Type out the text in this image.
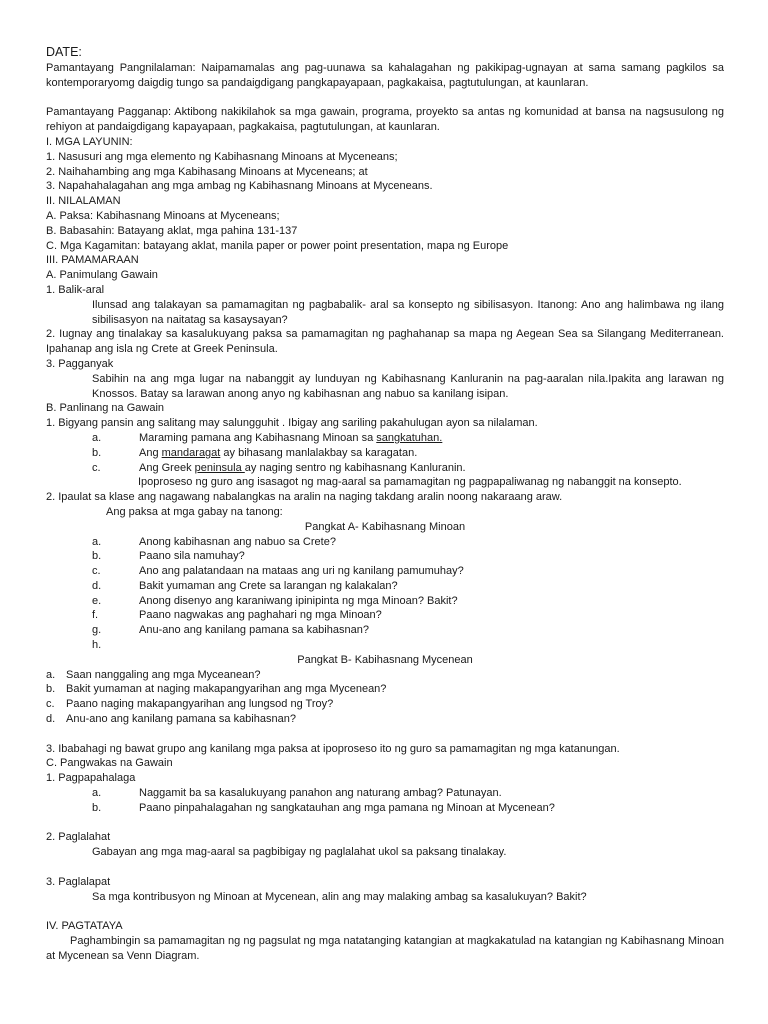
DATE:
Pamantayang Pangnilalaman: Naipamamalas ang pag-uunawa sa kahalagahan ng pakikipag-ugnayan at sama samang pagkilos sa kontemporaryomg daigdig tungo sa pandaigdigang pangkapayapaan, pagkakaisa, pagtutulungan, at kaunlaran.
Pamantayang Pagganap: Aktibong nakikilahok sa mga gawain, programa, proyekto sa antas ng komunidad at bansa na nagsusulong ng rehiyon at pandaigdigang kapayapaan, pagkakaisa, pagtutulungan, at kaunlaran.
I. MGA LAYUNIN:
1. Nasusuri ang mga elemento ng Kabihasnang Minoans at Myceneans;
2. Naihahambing ang mga Kabihasang Minoans at Myceneans; at
3. Napahahalagahan ang mga ambag ng Kabihasnang Minoans at Myceneans.
II. NILALAMAN
A. Paksa: Kabihasnang Minoans at Myceneans;
B. Babasahin: Batayang aklat, mga pahina 131-137
C. Mga Kagamitan: batayang aklat, manila paper or power point presentation, mapa ng Europe
III. PAMAMARAAN
A. Panimulang Gawain
1. Balik-aral
Ilunsad ang talakayan sa pamamagitan ng pagbabalik- aral sa konsepto ng sibilisasyon. Itanong: Ano ang halimbawa ng ilang sibilisasyon na naitatag sa kasaysayan?
2. Iugnay ang tinalakay sa kasalukuyang paksa sa pamamagitan ng paghahanap sa mapa ng Aegean Sea sa Silangang Mediterranean. Ipahanap ang isla ng Crete at Greek Peninsula.
3. Pagganyak
Sabihin na ang mga lugar na nabanggit ay lunduyan ng Kabihasnang Kanluranin na pag-aaralan nila.Ipakita ang larawan ng Knossos. Batay sa larawan anong anyo ng kabihasnan ang nabuo sa kanilang isipan.
B. Panlinang na Gawain
1. Bigyang pansin ang salitang may salungguhit . Ibigay ang sariling pakahulugan ayon sa nilalaman.
a.	Maraming pamana ang Kabihasnang Minoan sa sangkatuhan.
b.	Ang mandaragat ay bihasang manlalakbay sa karagatan.
c.	Ang Greek peninsula ay naging sentro ng kabihasnang Kanluranin.
Ipoproseso ng guro ang isasagot ng mag-aaral sa pamamagitan ng pagpapaliwanag ng nabanggit na konsepto.
2. Ipaulat sa klase ang nagawang nabalangkas na aralin na naging takdang aralin noong nakaraang araw.
Ang paksa at mga gabay na tanong:
Pangkat A- Kabihasnang Minoan
a.	Anong kabihasnan ang nabuo sa Crete?
b.	Paano sila namuhay?
c.	Ano ang palatandaan na mataas ang uri ng kanilang pamumuhay?
d.	Bakit yumaman ang Crete sa larangan ng kalakalan?
e.	Anong disenyo ang karaniwang ipinipinta ng mga Minoan? Bakit?
f.	Paano nagwakas ang paghahari ng mga Minoan?
g.	Anu-ano ang kanilang pamana sa kabihasnan?
h.
Pangkat B- Kabihasnang Mycenean
a. Saan nanggaling ang mga Myceanean?
b. Bakit yumaman at naging makapangyarihan ang mga Mycenean?
c.	Paano naging makapangyarihan ang lungsod ng Troy?
d. Anu-ano ang kanilang pamana sa kabihasnan?
3. Ibabahagi ng bawat grupo ang kanilang mga paksa at ipoproseso ito ng guro sa pamamagitan ng mga katanungan.
C. Pangwakas na Gawain
1. Pagpapahalaga
a.	Naggamit ba sa kasalukuyang panahon ang naturang ambag? Patunayan.
b.	Paano pinpahalagahan ng sangkatauhan ang mga pamana ng Minoan at Mycenean?
2. Paglalahat
Gabayan ang mga mag-aaral sa pagbibigay ng paglalahat ukol sa paksang tinalakay.
3. Paglalapat
Sa mga kontribusyon ng Minoan at Mycenean, alin ang may malaking ambag sa kasalukuyan? Bakit?
IV. PAGTATAYA
Paghambingin sa pamamagitan ng ng pagsulat ng mga natatanging katangian at magkakatulad na katangian ng Kabihasnang Minoan at Mycenean sa Venn Diagram.
